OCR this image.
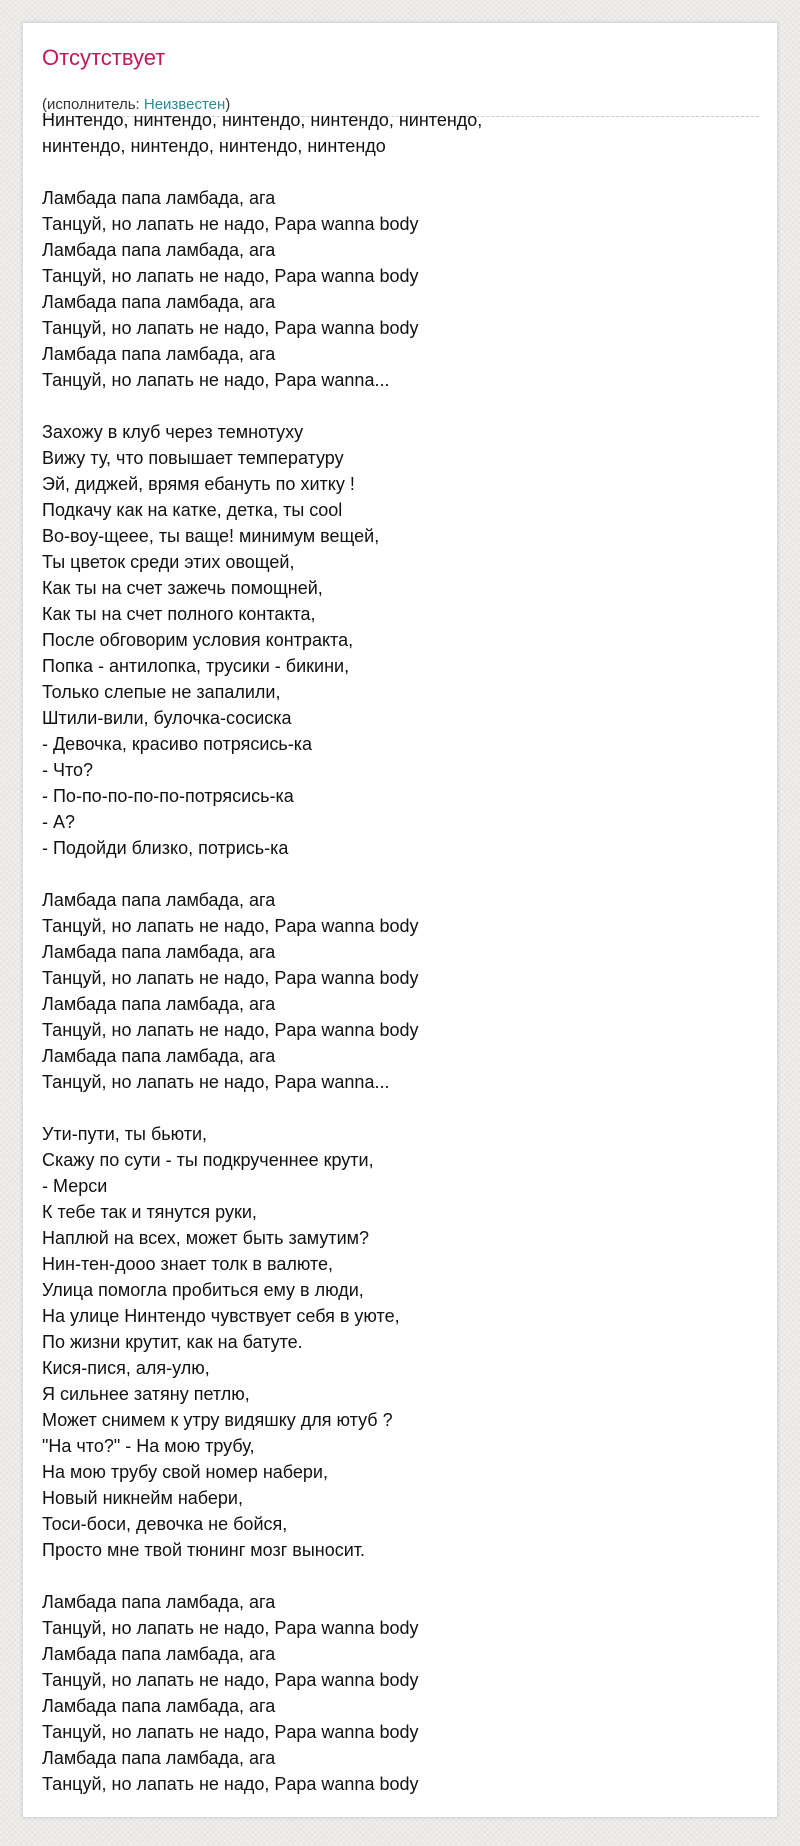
Отсутствует
(исполнитель: Неизвестен)
Нинтендо, нинтендо, нинтендо, нинтендо, нинтендо,
нинтендо, нинтендо, нинтендо, нинтендо
Ламбада папа ламбада, ага
Танцуй, но лапать не надо, Papa wanna body
Ламбада папа ламбада, ага
Танцуй, но лапать не надо, Papa wanna body
Ламбада папа ламбада, ага
Танцуй, но лапать не надо, Papa wanna body
Ламбада папа ламбада, ага
Танцуй, но лапать не надо, Papa wanna...
Захожу в клуб через темнотуху
Вижу ту, что повышает температуру
Эй, диджей, врямя ебануть по хитку !
Подкачу как на катке, детка, ты cool
Во-воу-щеее, ты ваще! минимум вещей,
Ты цветок среди этих овощей,
Как ты на счет зажечь помощней,
Как ты на счет полного контакта,
После обговорим условия контракта,
Попка - антилопка, трусики - бикини,
Только слепые не запалили,
Штили-вили, булочка-сосиска
- Девочка, красиво потрясись-ка
- Что?
- По-по-по-по-по-потрясись-ка
- А?
- Подойди близко, потрись-ка
Ламбада папа ламбада, ага
Танцуй, но лапать не надо, Papa wanna body
Ламбада папа ламбада, ага
Танцуй, но лапать не надо, Papa wanna body
Ламбада папа ламбада, ага
Танцуй, но лапать не надо, Papa wanna body
Ламбада папа ламбада, ага
Танцуй, но лапать не надо, Papa wanna...
Ути-пути, ты бьюти,
Скажу по сути - ты подкрученнее крути,
- Мерси
К тебе так и тянутся руки,
Наплюй на всех, может быть замутим?
Нин-тен-дооо знает толк в валюте,
Улица помогла пробиться ему в люди,
На улице Нинтендо чувствует себя в уюте,
По жизни крутит, как на батуте.
Кися-пися, аля-улю,
Я сильнее затяну петлю,
Может снимем к утру видяшку для ютуб ?
"На что?" - На мою трубу,
На мою трубу свой номер набери,
Новый никнейм набери,
Тоси-боси, девочка не бойся,
Просто мне твой тюнинг мозг выносит.
Ламбада папа ламбада, ага
Танцуй, но лапать не надо, Papa wanna body
Ламбада папа ламбада, ага
Танцуй, но лапать не надо, Papa wanna body
Ламбада папа ламбада, ага
Танцуй, но лапать не надо, Papa wanna body
Ламбада папа ламбада, ага
Танцуй, но лапать не надо, Papa wanna body
